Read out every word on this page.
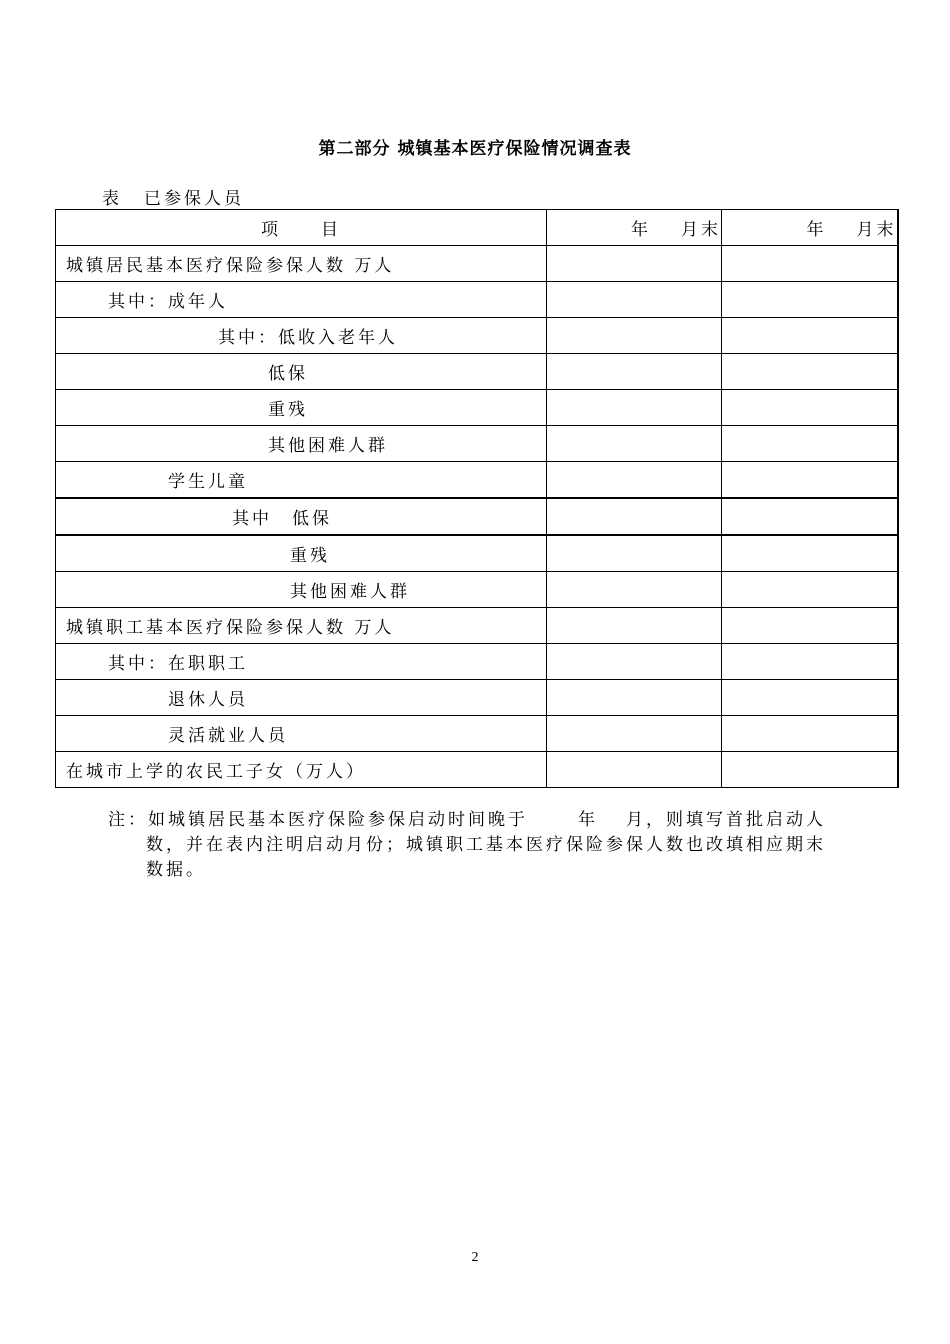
第二部分 城镇基本医疗保险情况调查表
表 已参保人员
项　　目	年 月末	年 月末
城镇居民基本医疗保险参保人数 万人		
其中：成年人		
其中：低收入老年人		
低保		
重残		
其他困难人群		
学生儿童		
其中　低保		
重残		
其他困难人群		
城镇职工基本医疗保险参保人数 万人		
其中：在职职工		
退休人员		
灵活就业人员		
在城市上学的农民工子女（万人）		
注：如城镇居民基本医疗保险参保启动时间晚于	年 月，则填写首批启动人
数，并在表内注明启动月份；城镇职工基本医疗保险参保人数也改填相应期末
数据。
2
